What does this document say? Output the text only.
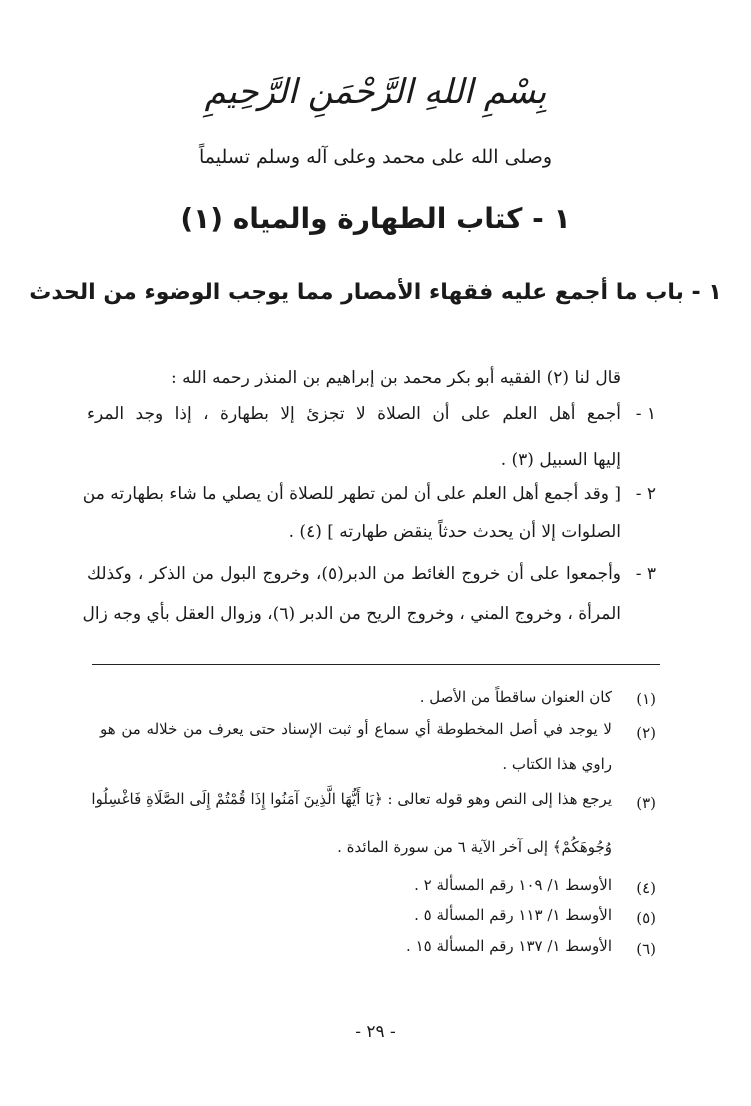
بِسْمِ اللهِ الرَّحْمَنِ الرَّحِيمِ
وصلى الله على محمد وعلى آله وسلم تسليماً
١ - كتاب الطهارة والمياه (١)
١ - باب ما أجمع عليه فقهاء الأمصار مما يوجب الوضوء من الحدث
قال لنا (٢) الفقيه أبو بكر محمد بن إبراهيم بن المنذر رحمه الله :
١ -
أجمع أهل العلم على أن الصلاة لا تجزئ إلا بطهارة ، إذا وجد المرء
إليها السبيل (٣) .
٢ -
[ وقد أجمع أهل العلم على أن لمن تطهر للصلاة أن يصلي ما شاء بطهارته من
الصلوات إلا أن يحدث حدثاً ينقض طهارته ] (٤) .
٣ -
وأجمعوا على أن خروج الغائط من الدبر(٥)، وخروج البول من الذكر ، وكذلك
المرأة ، وخروج المني ، وخروج الريح من الدبر (٦)، وزوال العقل بأي وجه زال
(١)
كان العنوان ساقطاً من الأصل .
(٢)
لا يوجد في أصل المخطوطة أي سماع أو ثبت الإسناد حتى يعرف من خلاله من هو
راوي هذا الكتاب .
(٣)
يرجع هذا إلى النص وهو قوله تعالى : ﴿يَا أَيُّهَا الَّذِينَ آمَنُوا إِذَا قُمْتُمْ إِلَى الصَّلَاةِ فَاغْسِلُوا
وُجُوهَكُمْ﴾ إلى آخر الآية ٦ من سورة المائدة .
(٤)
الأوسط ١/ ١٠٩ رقم المسألة ٢ .
(٥)
الأوسط ١/ ١١٣ رقم المسألة ٥ .
(٦)
الأوسط ١/ ١٣٧ رقم المسألة ١٥ .
- ٢٩ -
